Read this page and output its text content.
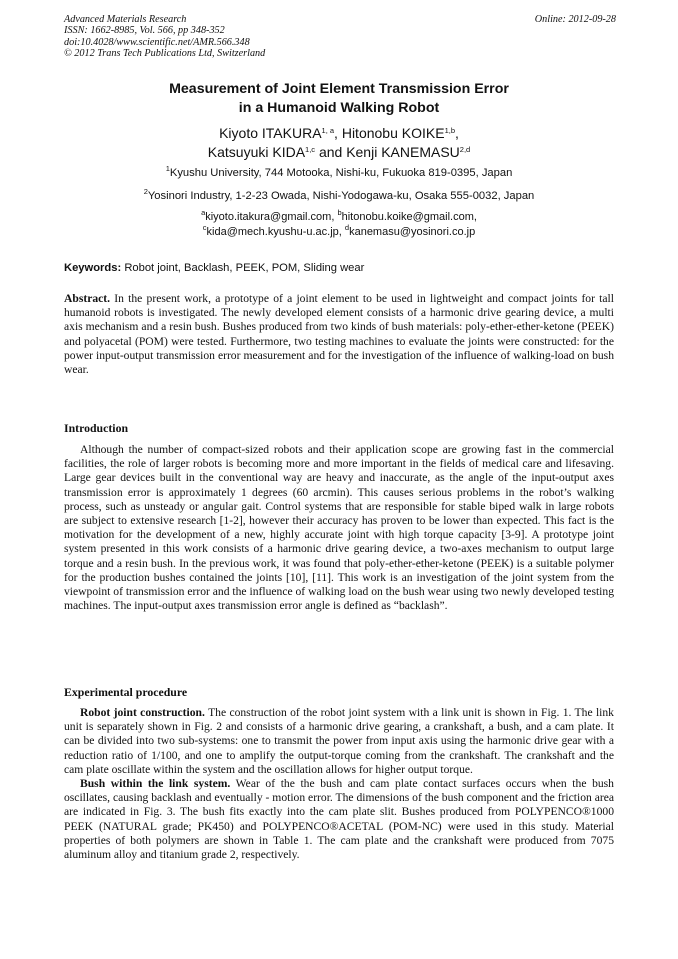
Advanced Materials Research
ISSN: 1662-8985, Vol. 566, pp 348-352
doi:10.4028/www.scientific.net/AMR.566.348
© 2012 Trans Tech Publications Ltd, Switzerland
Online: 2012-09-28
Measurement of Joint Element Transmission Error
in a Humanoid Walking Robot
Kiyoto ITAKURA$^{1, a}$, Hitonobu KOIKE$^{1,b}$,
Katsuyuki KIDA$^{1,c}$ and Kenji KANEMASU$^{2,d}$
$^1$Kyushu University, 744 Motooka, Nishi-ku, Fukuoka 819-0395, Japan
$^2$Yosinori Industry, 1-2-23 Owada, Nishi-Yodogawa-ku, Osaka 555-0032, Japan
$^a$kiyoto.itakura@gmail.com, $^b$hitonobu.koike@gmail.com,
$^c$kida@mech.kyushu-u.ac.jp, $^d$kanemasu@yosinori.co.jp
Keywords: Robot joint, Backlash, PEEK, POM, Sliding wear
Abstract. In the present work, a prototype of a joint element to be used in lightweight and compact joints for tall humanoid robots is investigated. The newly developed element consists of a harmonic drive gearing device, a multi axis mechanism and a resin bush. Bushes produced from two kinds of bush materials: poly-ether-ether-ketone (PEEK) and polyacetal (POM) were tested. Furthermore, two testing machines to evaluate the joints were constructed: for the power input-output transmission error measurement and for the investigation of the influence of walking-load on bush wear.
Introduction
Although the number of compact-sized robots and their application scope are growing fast in the commercial facilities, the role of larger robots is becoming more and more important in the fields of medical care and lifesaving. Large gear devices built in the conventional way are heavy and inaccurate, as the angle of the input-output axes transmission error is approximately 1 degrees (60 arcmin). This causes serious problems in the robot’s walking process, such as unsteady or angular gait. Control systems that are responsible for stable biped walk in large robots are subject to extensive research [1-2], however their accuracy has proven to be lower than expected. This fact is the motivation for the development of a new, highly accurate joint with high torque capacity [3-9]. A prototype joint system presented in this work consists of a harmonic drive gearing device, a two-axes mechanism to output large torque and a resin bush. In the previous work, it was found that poly-ether-ether-ketone (PEEK) is a suitable polymer for the production bushes contained the joints [10], [11]. This work is an investigation of the joint system from the viewpoint of transmission error and the influence of walking load on the bush wear using two newly developed testing machines. The input-output axes transmission error angle is defined as “backlash”.
Experimental procedure

Robot joint construction. The construction of the robot joint system with a link unit is shown in Fig. 1. The link unit is separately shown in Fig. 2 and consists of a harmonic drive gearing, a crankshaft, a bush, and a cam plate. It can be divided into two sub-systems: one to transmit the power from input axis using the harmonic drive gear with a reduction ratio of 1/100, and one to amplify the output-torque coming from the crankshaft. The crankshaft and the cam plate oscillate within the system and the oscillation allows for higher output torque.

Bush within the link system. Wear of the the bush and cam plate contact surfaces occurs when the bush oscillates, causing backlash and eventually - motion error. The dimensions of the bush component and the friction area are indicated in Fig. 3. The bush fits exactly into the cam plate slit. Bushes produced from POLYPENCO®1000 PEEK (NATURAL grade; PK450) and POLYPENCO®ACETAL (POM-NC) were used in this study. Material properties of both polymers are shown in Table 1. The cam plate and the crankshaft were produced from 7075 aluminum alloy and titanium grade 2, respectively.
